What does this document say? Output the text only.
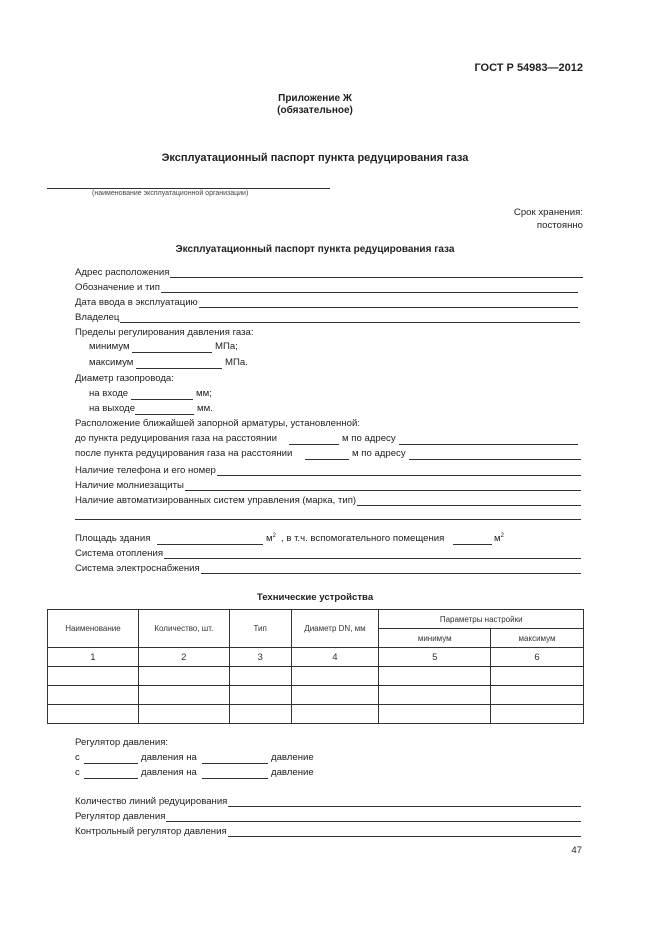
ГОСТ Р 54983—2012
Приложение Ж
(обязательное)
Эксплуатационный паспорт пункта редуцирования газа
(наименование эксплуатационной организации)
Срок хранения:
постоянно
Эксплуатационный паспорт пункта редуцирования газа
Адрес расположения
Обозначение и тип
Дата ввода в эксплуатацию
Владелец
Пределы регулирования давления газа:
минимум	МПа;
максимум	МПа.
Диаметр газопровода:
на входе	мм;
на выходе	мм.
Расположение ближайшей запорной арматуры, установленной:
до пункта редуцирования газа на расстоянии	м по адресу
после пункта редуцирования газа на расстоянии	м по адресу
Наличие телефона и его номер
Наличие молниезащиты
Наличие автоматизированных систем управления (марка, тип)
Площадь здания	$м^2$ , в т.ч. вспомогательного помещения	$м^2$
Система отопления
Система электроснабжения
Технические устройства
Наименование	Количество, шт.	Тип	Диаметр DN, мм	Параметры настройки	
				минимум	максимум
1	2	3	4	5	6

Регулятор давления:
с	давления на	давление
с	давления на	давление
Количество линий редуцирования
Регулятор давления
Контрольный регулятор давления
47
